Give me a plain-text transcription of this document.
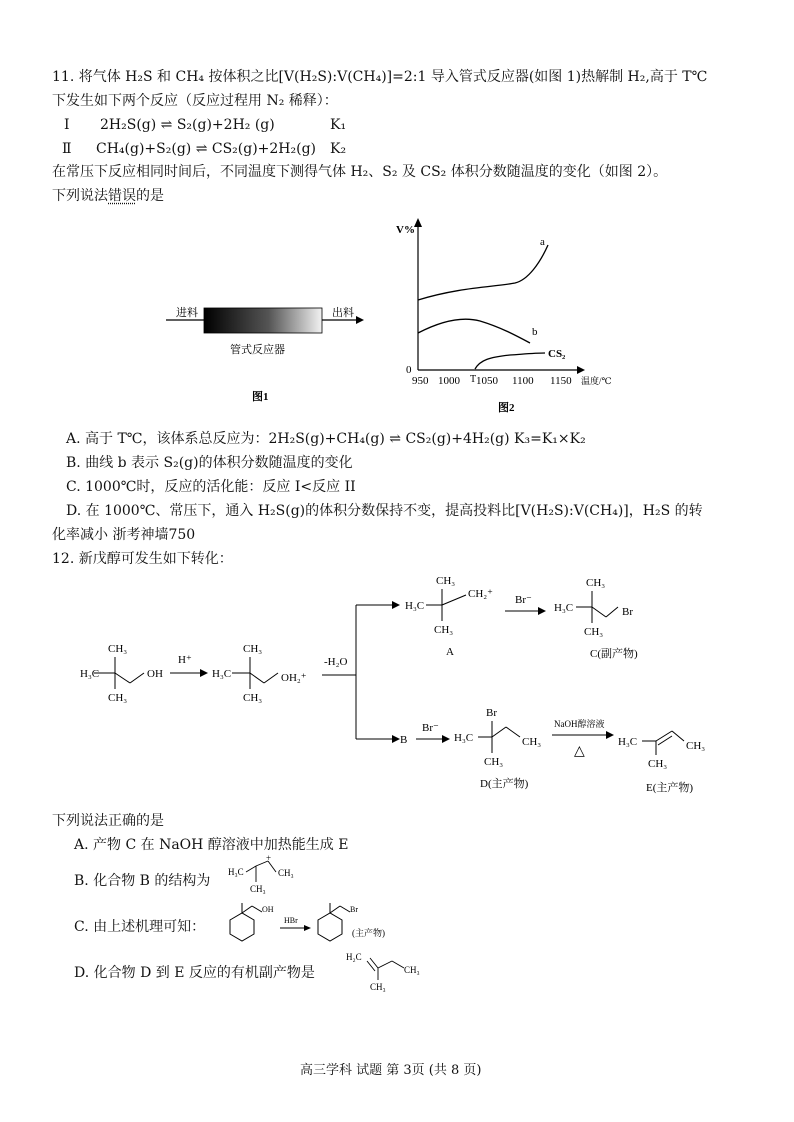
11. 将气体 H₂S 和 CH₄ 按体积之比[V(H₂S):V(CH₄)]=2:1 导入管式反应器(如图 1)热解制 H₂,高于 T℃
下发生如下两个反应（反应过程用 N₂ 稀释）：
Ⅰ 2H₂S(g) ⇌ S₂(g)+2H₂ (g)	K₁
Ⅱ CH₄(g)+S₂(g) ⇌ CS₂(g)+2H₂(g) K₂
在常压下反应相同时间后，不同温度下测得气体 H₂、S₂ 及 CS₂ 体积分数随温度的变化（如图 2）。
下列说法错误的是
进料	出料
管式反应器
图1
V%
0
950 1000 1050 1100 1150 温度/℃
T
a
b
CS₂
图2
A. 高于 T℃，该体系总反应为：2H₂S(g)+CH₄(g) ⇌ CS₂(g)+4H₂(g) K₃=K₁×K₂
B. 曲线 b 表示 S₂(g)的体积分数随温度的变化
C. 1000℃时，反应的活化能：反应 I<反应 II
D. 在 1000℃、常压下，通入 H₂S(g)的体积分数保持不变，提高投料比[V(H₂S):V(CH₄)]，H₂S 的转
化率减小 浙考神墙750
12. 新戊醇可发生如下转化：
CH₃
H₃C
CH₃
OH
H⁺
CH₃
H₃C
CH₃
OH₂⁺
-H₂O
CH₃
H₃C
CH₃
CH₂⁺
A
Br⁻
CH₃
H₃C
CH₃
Br
C(副产物)
B
Br⁻
Br
H₃C
CH₃
CH₃
D(主产物)
NaOH醇溶液
△
H₃C
CH₃
CH₃
E(主产物)
下列说法正确的是
A. 产物 C 在 NaOH 醇溶液中加热能生成 E
B. 化合物 B 的结构为
H₃C
CH₃
CH₃
+
C. 由上述机理可知：
OH
HBr
Br
(主产物)
D. 化合物 D 到 E 反应的有机副产物是
H₂C
CH₃
CH₃
高三学科 试题 第 3页 (共 8 页)
